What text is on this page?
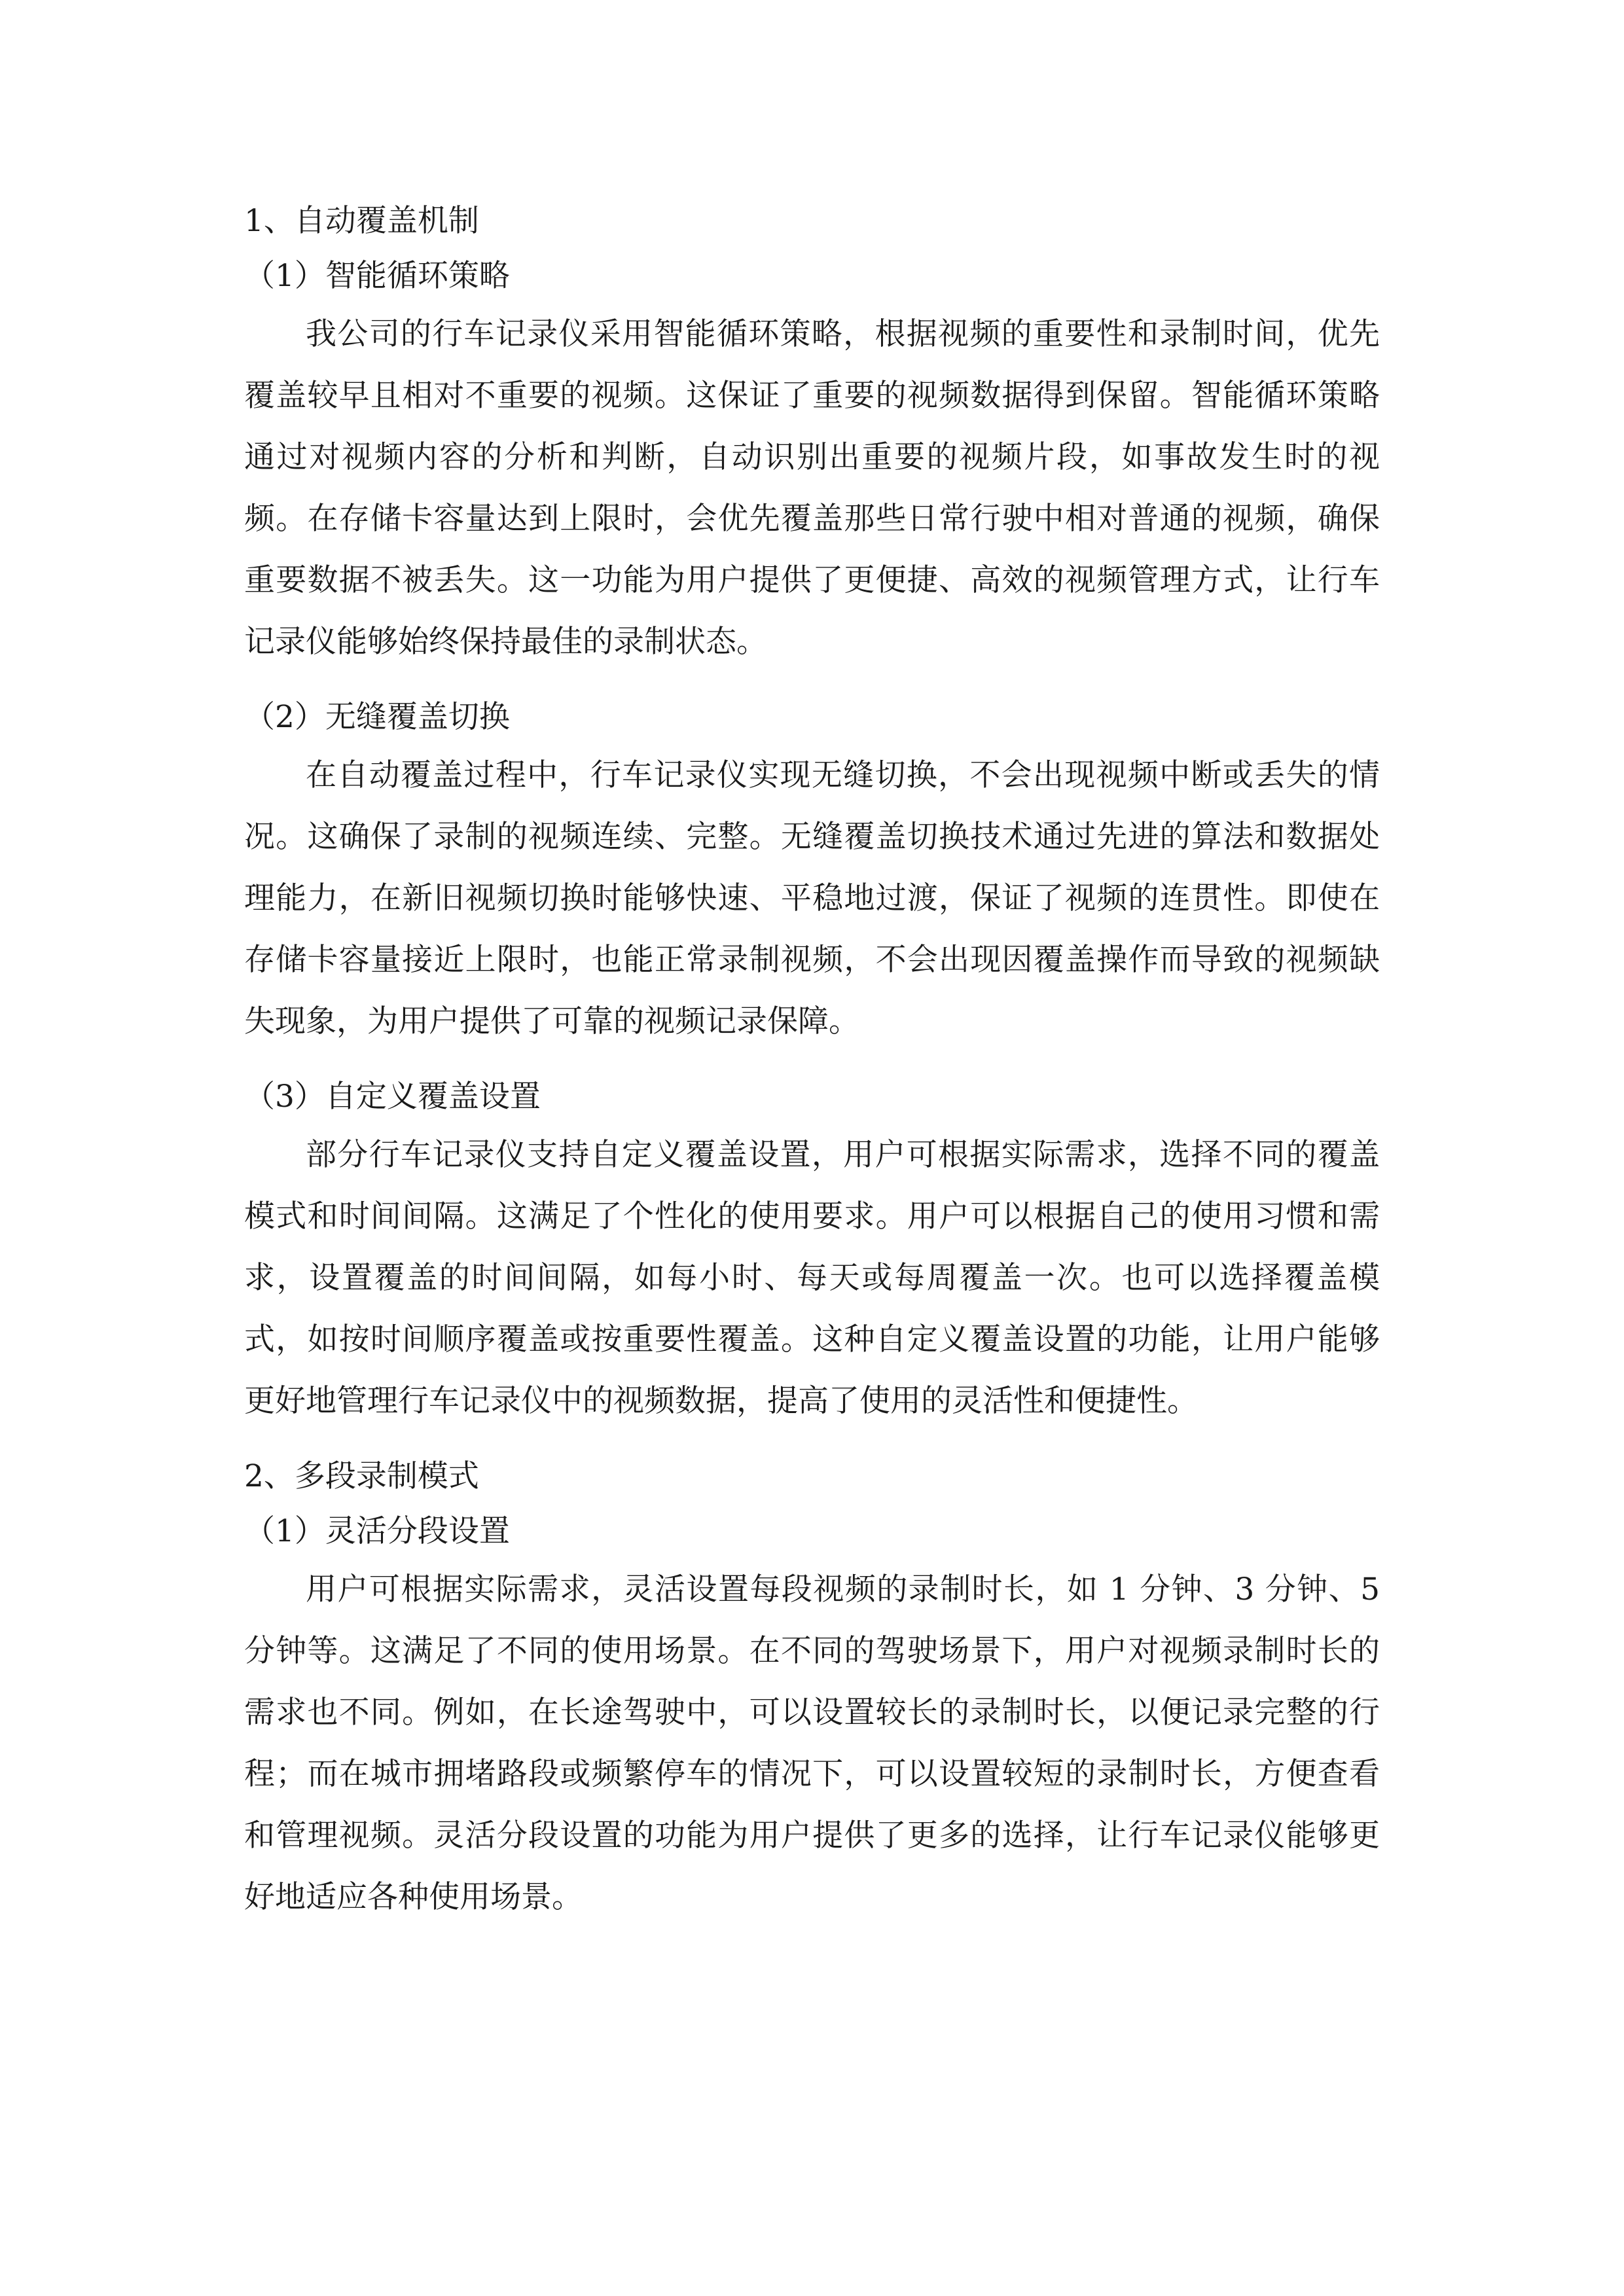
1、自动覆盖机制
（1）智能循环策略

我公司的行车记录仪采用智能循环策略，根据视频的重要性和录制时间，优先覆盖较早且相对不重要的视频。这保证了重要的视频数据得到保留。智能循环策略通过对视频内容的分析和判断，自动识别出重要的视频片段，如事故发生时的视频。在存储卡容量达到上限时，会优先覆盖那些日常行驶中相对普通的视频，确保重要数据不被丢失。这一功能为用户提供了更便捷、高效的视频管理方式，让行车记录仪能够始终保持最佳的录制状态。

（2）无缝覆盖切换

在自动覆盖过程中，行车记录仪实现无缝切换，不会出现视频中断或丢失的情况。这确保了录制的视频连续、完整。无缝覆盖切换技术通过先进的算法和数据处理能力，在新旧视频切换时能够快速、平稳地过渡，保证了视频的连贯性。即使在存储卡容量接近上限时，也能正常录制视频，不会出现因覆盖操作而导致的视频缺失现象，为用户提供了可靠的视频记录保障。

（3）自定义覆盖设置

部分行车记录仪支持自定义覆盖设置，用户可根据实际需求，选择不同的覆盖模式和时间间隔。这满足了个性化的使用要求。用户可以根据自己的使用习惯和需求，设置覆盖的时间间隔，如每小时、每天或每周覆盖一次。也可以选择覆盖模式，如按时间顺序覆盖或按重要性覆盖。这种自定义覆盖设置的功能，让用户能够更好地管理行车记录仪中的视频数据，提高了使用的灵活性和便捷性。

2、多段录制模式
（1）灵活分段设置

用户可根据实际需求，灵活设置每段视频的录制时长，如 1 分钟、3 分钟、5 分钟等。这满足了不同的使用场景。在不同的驾驶场景下，用户对视频录制时长的需求也不同。例如，在长途驾驶中，可以设置较长的录制时长，以便记录完整的行程；而在城市拥堵路段或频繁停车的情况下，可以设置较短的录制时长，方便查看和管理视频。灵活分段设置的功能为用户提供了更多的选择，让行车记录仪能够更好地适应各种使用场景。
